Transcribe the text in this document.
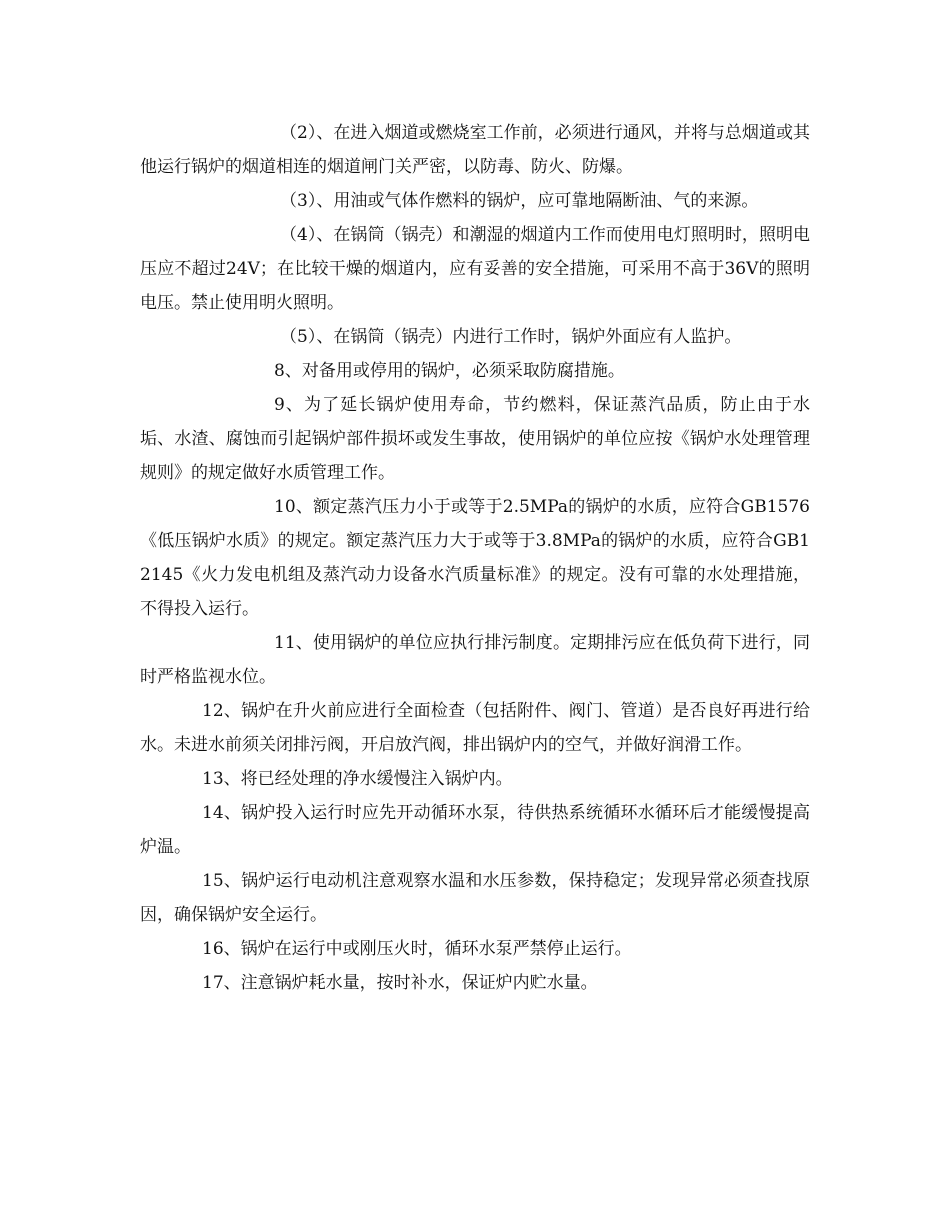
（2）、在进入烟道或燃烧室工作前，必须进行通风，并将与总烟道或其他运行锅炉的烟道相连的烟道闸门关严密，以防毒、防火、防爆。

（3）、用油或气体作燃料的锅炉，应可靠地隔断油、气的来源。

（4）、在锅筒（锅壳）和潮湿的烟道内工作而使用电灯照明时，照明电压应不超过24V；在比较干燥的烟道内，应有妥善的安全措施，可采用不高于36V的照明电压。禁止使用明火照明。

（5）、在锅筒（锅壳）内进行工作时，锅炉外面应有人监护。

8、对备用或停用的锅炉，必须采取防腐措施。

9、为了延长锅炉使用寿命，节约燃料，保证蒸汽品质，防止由于水垢、水渣、腐蚀而引起锅炉部件损坏或发生事故，使用锅炉的单位应按《锅炉水处理管理规则》的规定做好水质管理工作。

10、额定蒸汽压力小于或等于2.5MPa的锅炉的水质，应符合GB1576《低压锅炉水质》的规定。额定蒸汽压力大于或等于3.8MPa的锅炉的水质，应符合GB12145《火力发电机组及蒸汽动力设备水汽质量标准》的规定。没有可靠的水处理措施，不得投入运行。

11、使用锅炉的单位应执行排污制度。定期排污应在低负荷下进行，同时严格监视水位。

12、锅炉在升火前应进行全面检查（包括附件、阀门、管道）是否良好再进行给水。未进水前须关闭排污阀，开启放汽阀，排出锅炉内的空气，并做好润滑工作。

13、将已经处理的净水缓慢注入锅炉内。

14、锅炉投入运行时应先开动循环水泵，待供热系统循环水循环后才能缓慢提高炉温。

15、锅炉运行电动机注意观察水温和水压参数，保持稳定；发现异常必须查找原因，确保锅炉安全运行。

16、锅炉在运行中或刚压火时，循环水泵严禁停止运行。

17、注意锅炉耗水量，按时补水，保证炉内贮水量。
